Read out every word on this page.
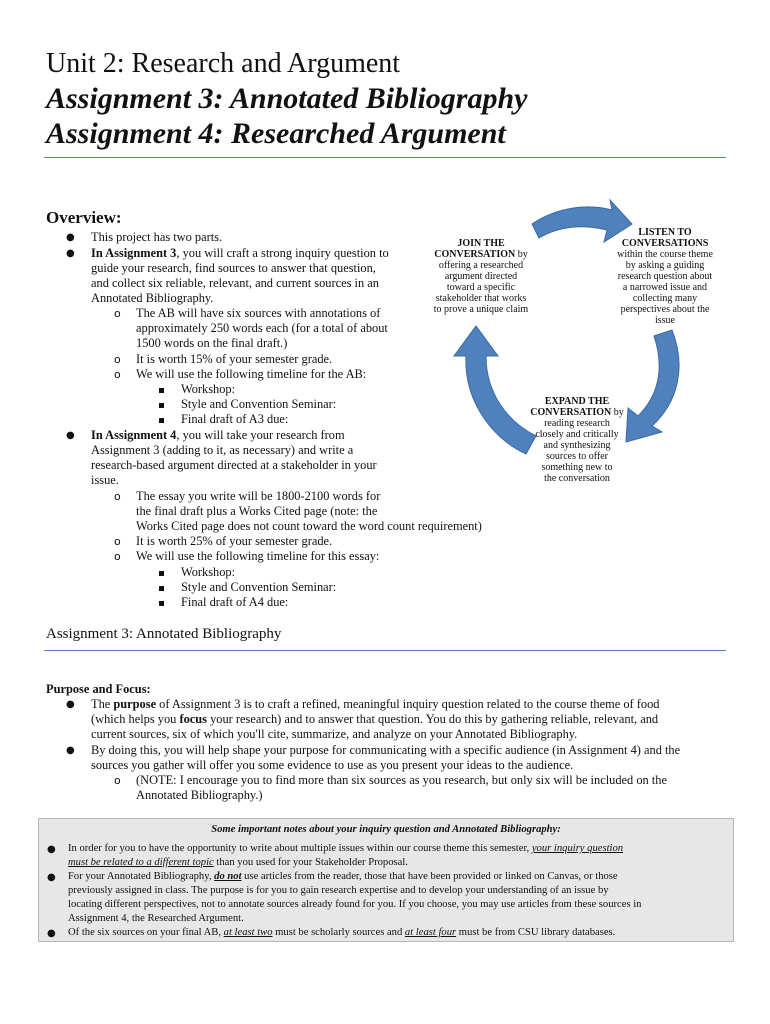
Unit 2: Research and Argument
Assignment 3: Annotated Bibliography
Assignment 4: Researched Argument
Overview:
● This project has two parts.
● In Assignment 3, you will craft a strong inquiry question to
guide your research, find sources to answer that question,
and collect six reliable, relevant, and current sources in an
Annotated Bibliography.
o The AB will have six sources with annotations of
approximately 250 words each (for a total of about
1500 words on the final draft.)
o It is worth 15% of your semester grade.
o We will use the following timeline for the AB:
Workshop:
Style and Convention Seminar:
Final draft of A3 due:
● In Assignment 4, you will take your research from
Assignment 3 (adding to it, as necessary) and write a
research-based argument directed at a stakeholder in your
issue.
o The essay you write will be 1800-2100 words for
the final draft plus a Works Cited page (note: the
Works Cited page does not count toward the word count requirement)
o It is worth 25% of your semester grade.
o We will use the following timeline for this essay:
Workshop:
Style and Convention Seminar:
Final draft of A4 due:
LISTEN TO
CONVERSATIONS
within the course theme
by asking a guiding
research question about
a narrowed issue and
collecting many
perspectives about the
issue
JOIN THE
CONVERSATION by
offering a researched
argument directed
toward a specific
stakeholder that works
to prove a unique claim
EXPAND THE
CONVERSATION by
reading research
closely and critically
and synthesizing
sources to offer
something new to
the conversation
Assignment 3: Annotated Bibliography
Purpose and Focus:
● The purpose of Assignment 3 is to craft a refined, meaningful inquiry question related to the course theme of food
(which helps you focus your research) and to answer that question. You do this by gathering reliable, relevant, and
current sources, six of which you'll cite, summarize, and analyze on your Annotated Bibliography.
● By doing this, you will help shape your purpose for communicating with a specific audience (in Assignment 4) and the
sources you gather will offer you some evidence to use as you present your ideas to the audience.
o (NOTE: I encourage you to find more than six sources as you research, but only six will be included on the
Annotated Bibliography.)
Some important notes about your inquiry question and Annotated Bibliography:
● In order for you to have the opportunity to write about multiple issues within our course theme this semester, your inquiry question
must be related to a different topic than you used for your Stakeholder Proposal.
● For your Annotated Bibliography, do not use articles from the reader, those that have been provided or linked on Canvas, or those
previously assigned in class. The purpose is for you to gain research expertise and to develop your understanding of an issue by
locating different perspectives, not to annotate sources already found for you. If you choose, you may use articles from these sources in
Assignment 4, the Researched Argument.
● Of the six sources on your final AB, at least two must be scholarly sources and at least four must be from CSU library databases.
